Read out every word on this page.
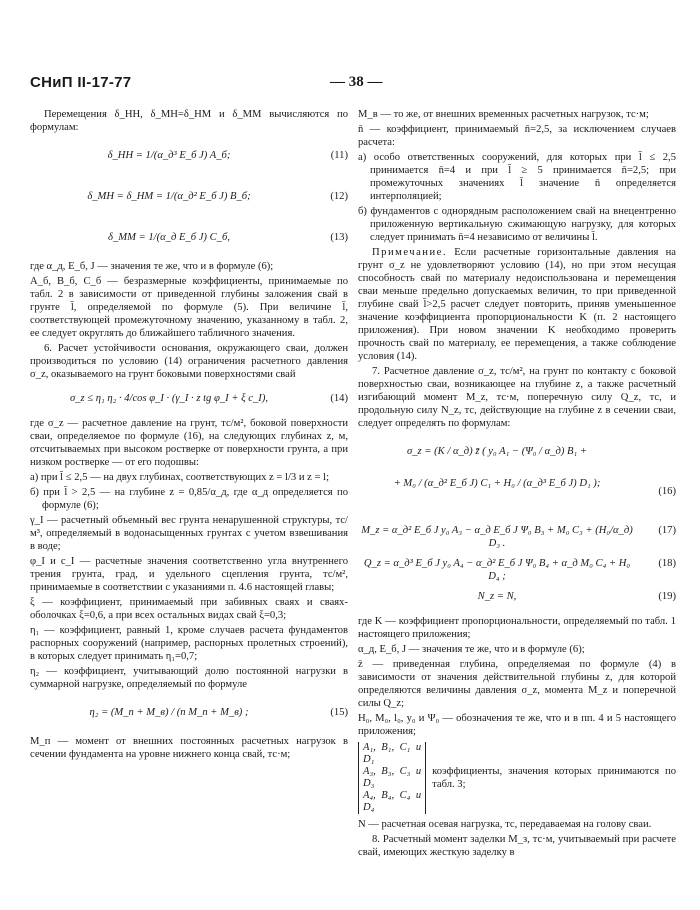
СНиП II-17-77	— 38 —

Перемещения δ_HH, δ_MH=δ_HM и δ_MM вычисляются по формулам:

δ_HH = 1/(α_д³ E_б J) A_б;	(11)
δ_MH = δ_HM = 1/(α_д² E_б J) B_б;	(12)
δ_MM = 1/(α_д E_б J) C_б,	(13)

где α_д, E_б, J — значения те же, что и в формуле (6);

A_б, B_б, C_б — безразмерные коэффициенты, принимаемые по табл. 2 в зависимости от приведенной глубины заложения свай в грунте l̄, определяемой по формуле (5). При величине l̄, соответствующей промежуточному значению, указанному в табл. 2, ее следует округлять до ближайшего табличного значения.

6. Расчет устойчивости основания, окружающего сваи, должен производиться по условию (14) ограничения расчетного давления σ_z, оказываемого на грунт боковыми поверхностями свай

σ_z ≤ η₁ η₂ · 4/cos φ_I · (γ_I · z tg φ_I + ξ c_I),	(14)

где σ_z — расчетное давление на грунт, тс/м², боковой поверхности сваи, определяемое по формуле (16), на следующих глубинах z, м, отсчитываемых при высоком ростверке от поверхности грунта, а при низком ростверке — от его подошвы:

а) при l̄ ≤ 2,5 — на двух глубинах, соответствующих z = l/3 и z = l;

б) при l̄ > 2,5 — на глубине z = 0,85/α_д, где α_д определяется по формуле (6);

γ_I — расчетный объемный вес грунта ненарушенной структуры, тс/м³, определяемый в водонасыщенных грунтах с учетом взвешивания в воде;

φ_I и c_I — расчетные значения соответственно угла внутреннего трения грунта, град, и удельного сцепления грунта, тс/м², принимаемые в соответствии с указаниями п. 4.6 настоящей главы;

ξ — коэффициент, принимаемый при забивных сваях и сваях-оболочках ξ=0,6, а при всех остальных видах свай ξ=0,3;

η₁ — коэффициент, равный 1, кроме случаев расчета фундаментов распорных сооружений (например, распорных пролетных строений), в которых следует принимать η₁=0,7;

η₂ — коэффициент, учитывающий долю постоянной нагрузки в суммарной нагрузке, определяемый по формуле

η₂ = (M_п + M_в) / (n M_п + M_в) ;	(15)

M_п — момент от внешних постоянных расчетных нагрузок в сечении фундамента на уровне нижнего конца свай, тс·м;

M_в — то же, от внешних временных расчетных нагрузок, тс·м;

n̄ — коэффициент, принимаемый n̄=2,5, за исключением случаев расчета:

а) особо ответственных сооружений, для которых при l̄ ≤ 2,5 принимается n̄=4 и при l̄ ≥ 5 принимается n̄=2,5; при промежуточных значениях l̄ значение n̄ определяется интерполяцией;

б) фундаментов с однорядным расположением свай на внецентренно приложенную вертикальную сжимающую нагрузку, для которых следует принимать n̄=4 независимо от величины l̄.

Примечание. Если расчетные горизонтальные давления на грунт σ_z не удовлетворяют условию (14), но при этом несущая способность свай по материалу недоиспользована и перемещения сваи меньше предельно допускаемых величин, то при приведенной глубине свай l̄>2,5 расчет следует повторить, приняв уменьшенное значение коэффициента пропорциональности K (п. 2 настоящего приложения). При новом значении K необходимо проверить прочность свай по материалу, ее перемещения, а также соблюдение условия (14).

7. Расчетное давление σ_z, тс/м², на грунт по контакту с боковой поверхностью сваи, возникающее на глубине z, а также расчетный изгибающий момент M_z, тс·м, поперечную силу Q_z, тс, и продольную силу N_z, тс, действующие на глубине z в сечении сваи, следует определять по формулам:

σ_z = (K / α_д) z̄ ( y₀ A₁ − (Ψ₀ / α_д) B₁ +
+ M₀ / (α_д² E_б J) C₁ + H₀ / (α_д³ E_б J) D₁ );
(16)
M_z = α_д² E_б J y₀ A₃ − α_д E_б J Ψ₀ B₃ + M₀ C₃ + (H₀/α_д) D₃ .
(17)
Q_z = α_д³ E_б J y₀ A₄ − α_д² E_б J Ψ₀ B₄ + α_д M₀ C₄ + H₀ D₄ ;
(18)
N_z = N,	(19)

где K — коэффициент пропорциональности, определяемый по табл. 1 настоящего приложения;

α_д, E_б, J — значения те же, что и в формуле (6);

z̄ — приведенная глубина, определяемая по формуле (4) в зависимости от значения действительной глубины z, для которой определяются величины давления σ_z, момента M_z и поперечной силы Q_z;

H₀, M₀, l₀, y₀ и Ψ₀ — обозначения те же, что и в пп. 4 и 5 настоящего приложения;

A₁, B₁, C₁ и D₁
A₃, B₃, C₃ и D₃
A₄, B₄, C₄ и D₄
коэффициенты, значения которых принимаются по табл. 3;

N — расчетная осевая нагрузка, тс, передаваемая на голову сваи.

8. Расчетный момент заделки M_з, тс·м, учитываемый при расчете свай, имеющих жесткую заделку в
